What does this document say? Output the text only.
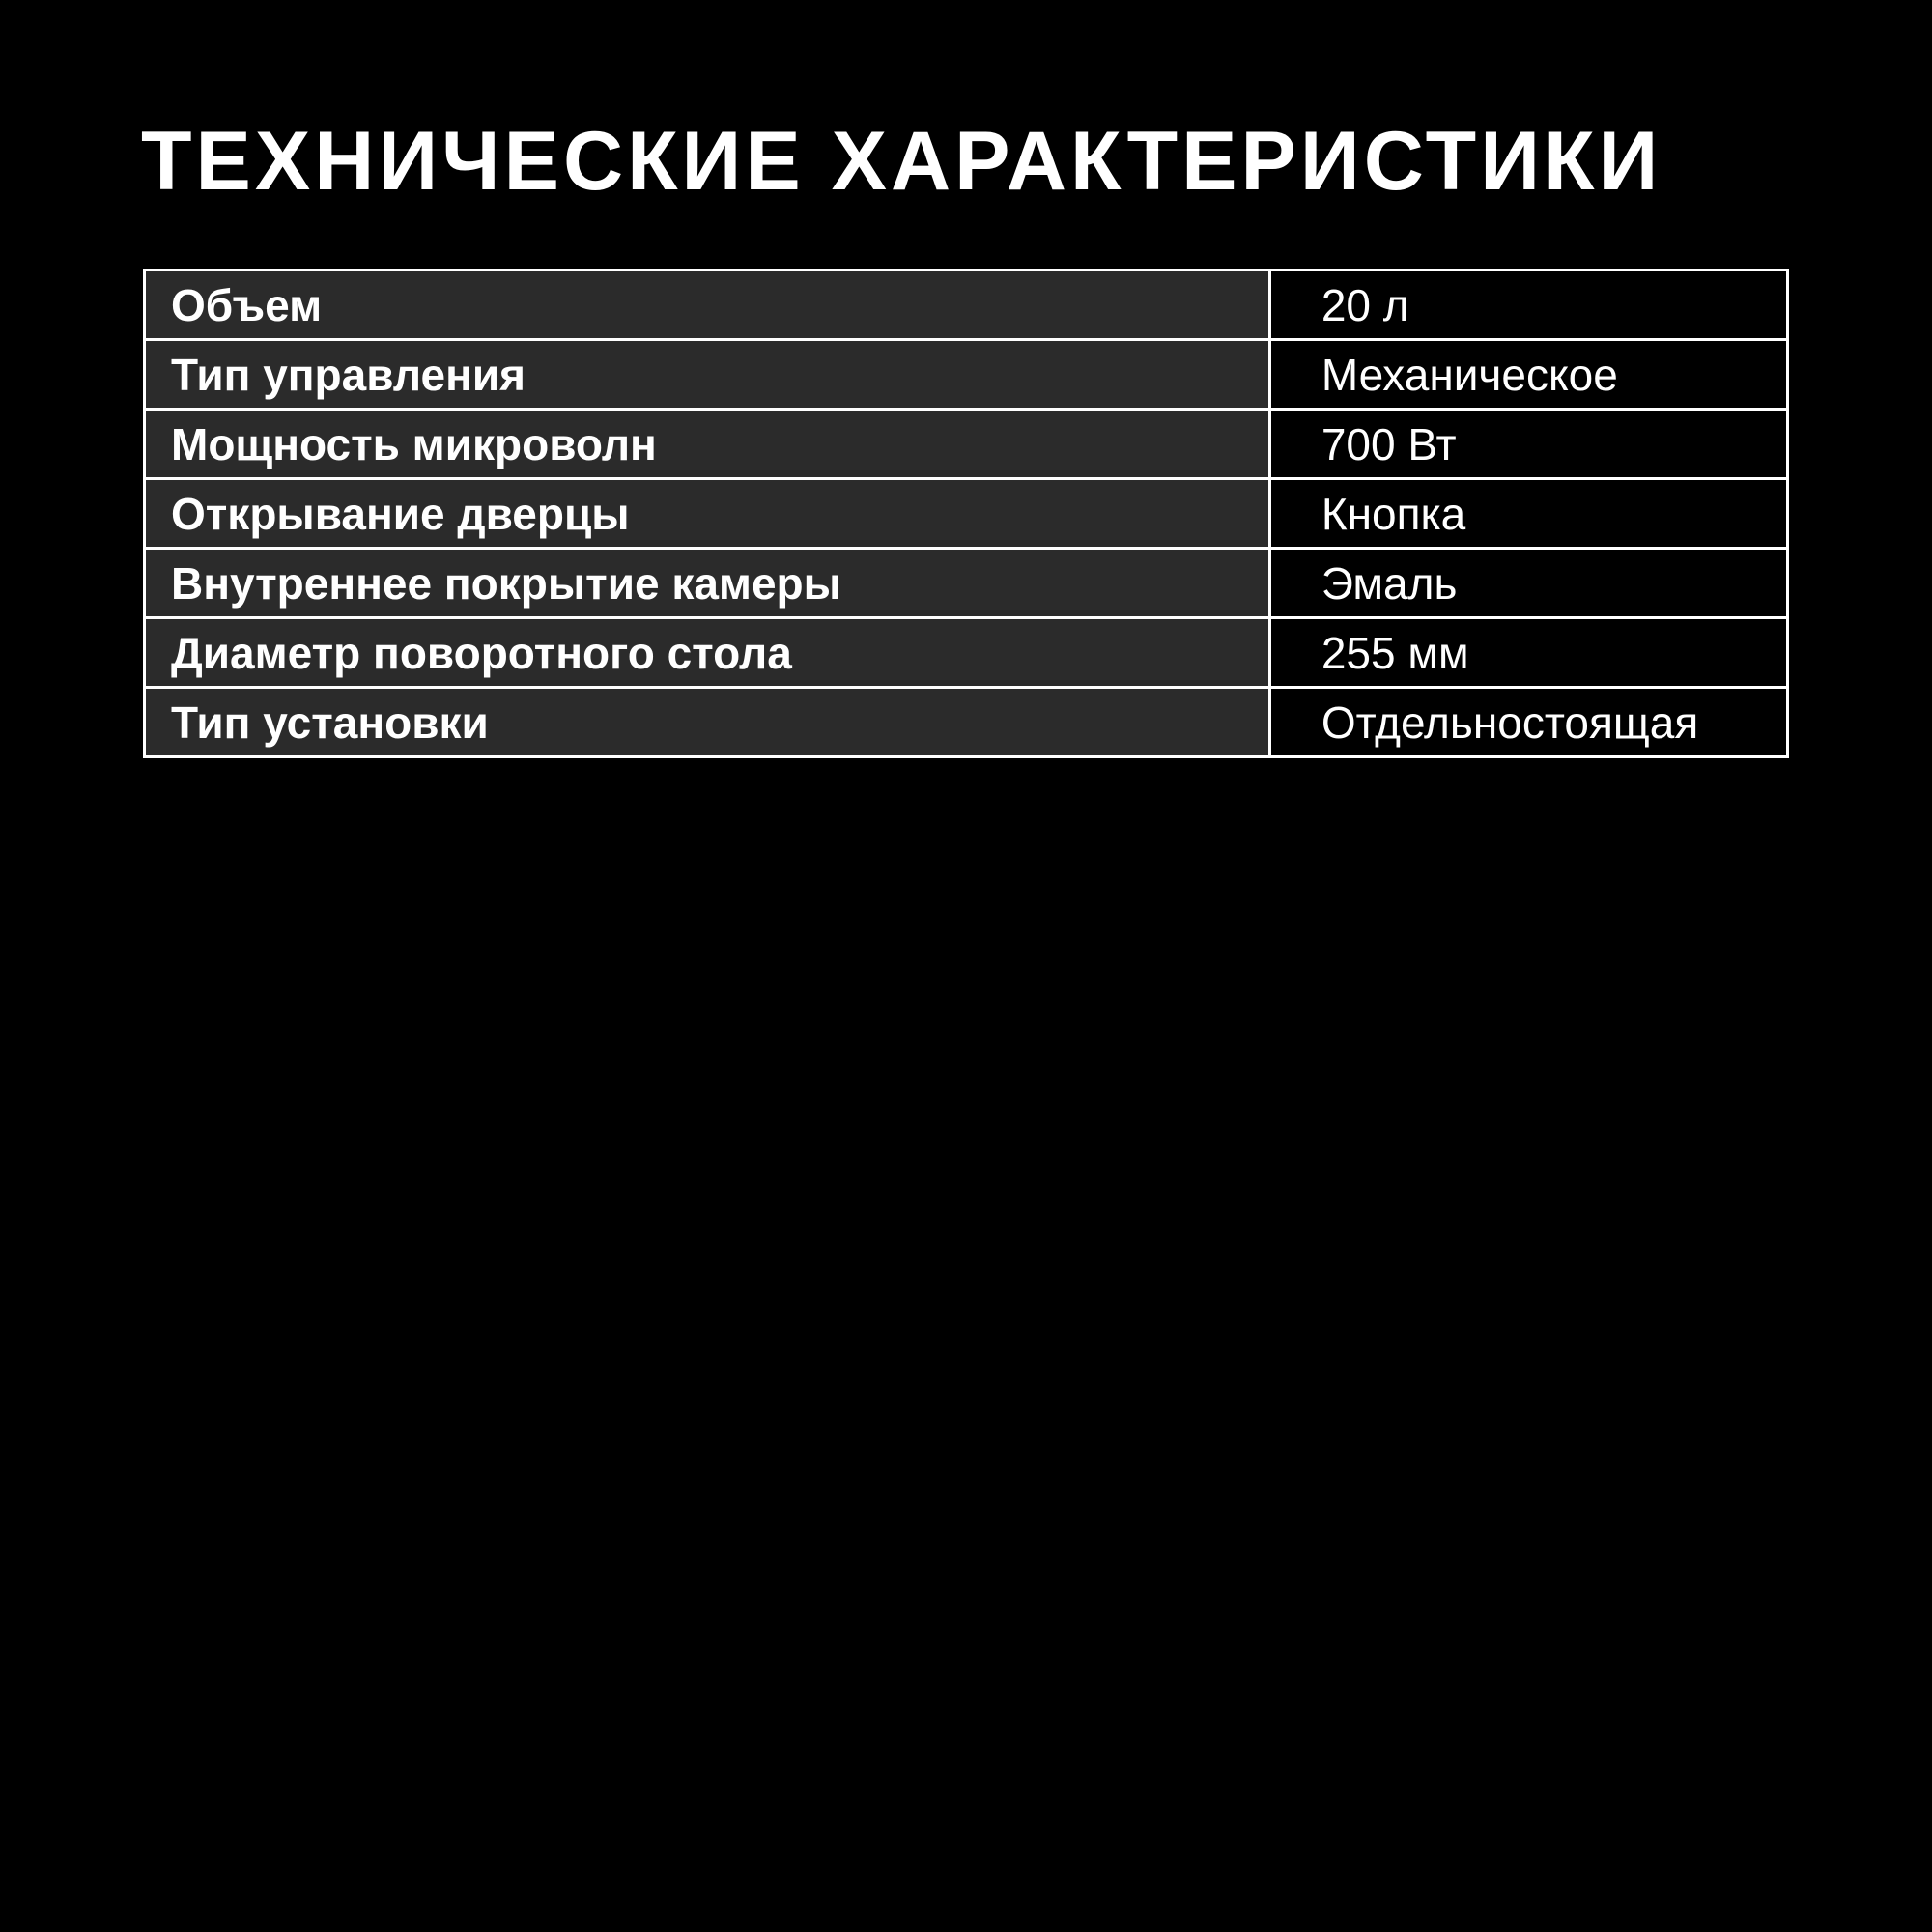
ТЕХНИЧЕСКИЕ ХАРАКТЕРИСТИКИ
Объем	20 л
Тип управления	Механическое
Мощность микроволн	700 Вт
Открывание дверцы	Кнопка
Внутреннее покрытие камеры	Эмаль
Диаметр поворотного стола	255 мм
Тип установки	Отдельностоящая
